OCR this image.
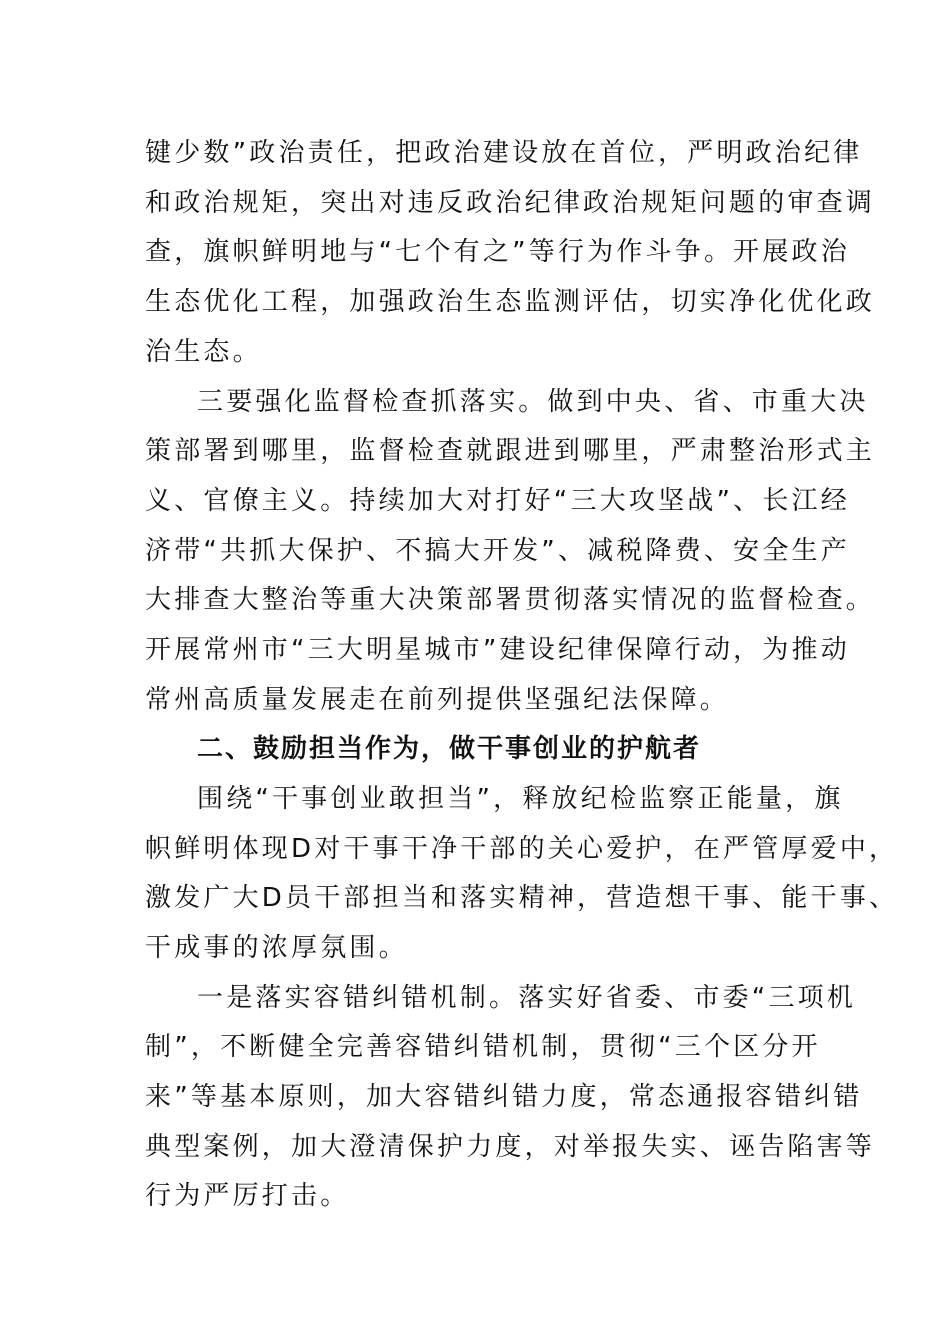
键少数”政治责任，把政治建设放在首位，严明政治纪律
和政治规矩，突出对违反政治纪律政治规矩问题的审查调
查，旗帜鲜明地与“七个有之”等行为作斗争。开展政治
生态优化工程，加强政治生态监测评估，切实净化优化政
治生态。
三要强化监督检查抓落实。做到中央、省、市重大决
策部署到哪里，监督检查就跟进到哪里，严肃整治形式主
义、官僚主义。持续加大对打好“三大攻坚战”、长江经
济带“共抓大保护、不搞大开发”、减税降费、安全生产
大排查大整治等重大决策部署贯彻落实情况的监督检查。
开展常州市“三大明星城市”建设纪律保障行动，为推动
常州高质量发展走在前列提供坚强纪法保障。
二、鼓励担当作为，做干事创业的护航者
围绕“干事创业敢担当”，释放纪检监察正能量，旗
帜鲜明体现D对干事干净干部的关心爱护，在严管厚爱中，
激发广大D员干部担当和落实精神，营造想干事、能干事、
干成事的浓厚氛围。
一是落实容错纠错机制。落实好省委、市委“三项机
制”，不断健全完善容错纠错机制，贯彻“三个区分开
来”等基本原则，加大容错纠错力度，常态通报容错纠错
典型案例，加大澄清保护力度，对举报失实、诬告陷害等
行为严厉打击。
